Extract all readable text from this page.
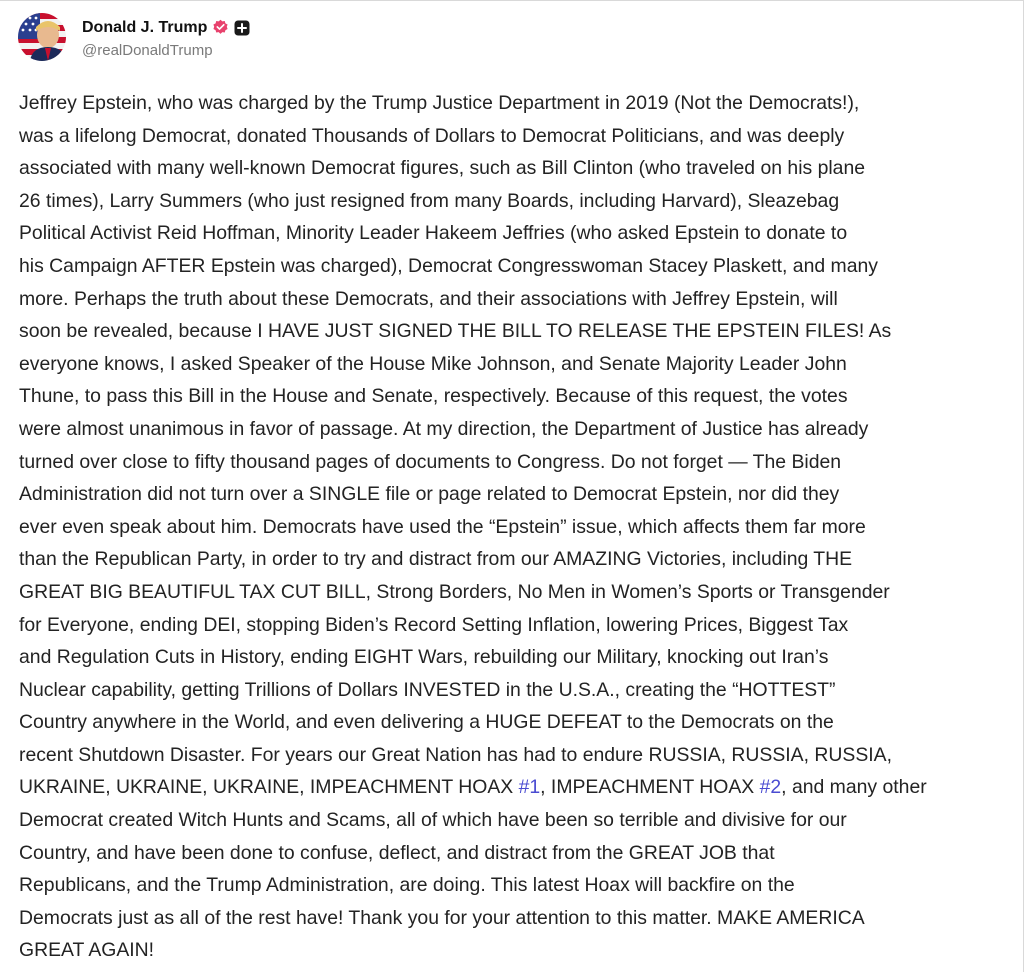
Donald J. Trump
@realDonaldTrump
Jeffrey Epstein, who was charged by the Trump Justice Department in 2019 (Not the Democrats!),
was a lifelong Democrat, donated Thousands of Dollars to Democrat Politicians, and was deeply
associated with many well-known Democrat figures, such as Bill Clinton (who traveled on his plane
26 times), Larry Summers (who just resigned from many Boards, including Harvard), Sleazebag
Political Activist Reid Hoffman, Minority Leader Hakeem Jeffries (who asked Epstein to donate to
his Campaign AFTER Epstein was charged), Democrat Congresswoman Stacey Plaskett, and many
more. Perhaps the truth about these Democrats, and their associations with Jeffrey Epstein, will
soon be revealed, because I HAVE JUST SIGNED THE BILL TO RELEASE THE EPSTEIN FILES! As
everyone knows, I asked Speaker of the House Mike Johnson, and Senate Majority Leader John
Thune, to pass this Bill in the House and Senate, respectively. Because of this request, the votes
were almost unanimous in favor of passage. At my direction, the Department of Justice has already
turned over close to fifty thousand pages of documents to Congress. Do not forget — The Biden
Administration did not turn over a SINGLE file or page related to Democrat Epstein, nor did they
ever even speak about him. Democrats have used the “Epstein” issue, which affects them far more
than the Republican Party, in order to try and distract from our AMAZING Victories, including THE
GREAT BIG BEAUTIFUL TAX CUT BILL, Strong Borders, No Men in Women’s Sports or Transgender
for Everyone, ending DEI, stopping Biden’s Record Setting Inflation, lowering Prices, Biggest Tax
and Regulation Cuts in History, ending EIGHT Wars, rebuilding our Military, knocking out Iran’s
Nuclear capability, getting Trillions of Dollars INVESTED in the U.S.A., creating the “HOTTEST”
Country anywhere in the World, and even delivering a HUGE DEFEAT to the Democrats on the
recent Shutdown Disaster. For years our Great Nation has had to endure RUSSIA, RUSSIA, RUSSIA,
UKRAINE, UKRAINE, UKRAINE, IMPEACHMENT HOAX #1, IMPEACHMENT HOAX #2, and many other
Democrat created Witch Hunts and Scams, all of which have been so terrible and divisive for our
Country, and have been done to confuse, deflect, and distract from the GREAT JOB that
Republicans, and the Trump Administration, are doing. This latest Hoax will backfire on the
Democrats just as all of the rest have! Thank you for your attention to this matter. MAKE AMERICA
GREAT AGAIN!
